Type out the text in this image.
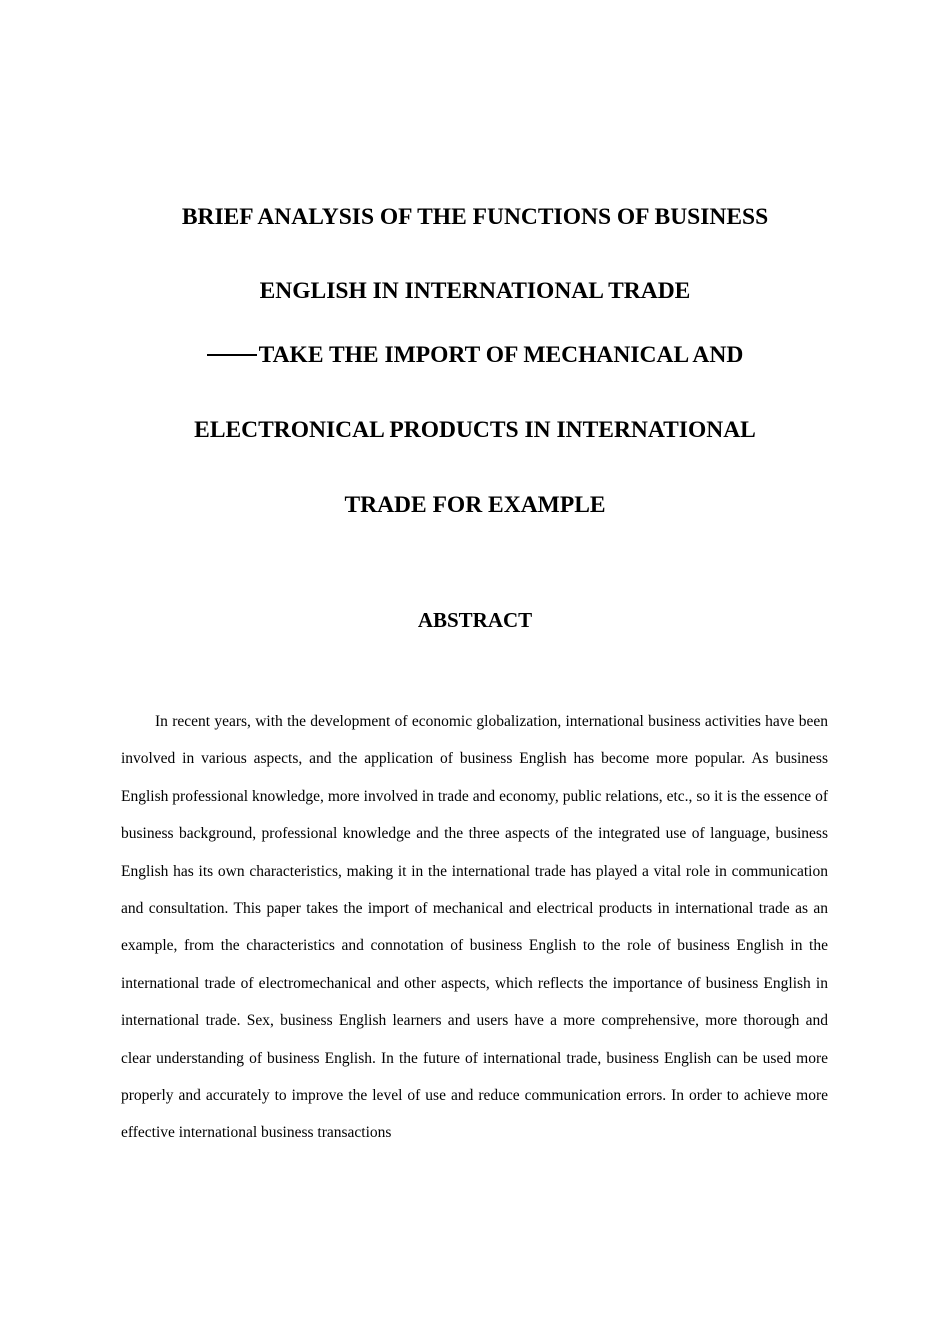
BRIEF ANALYSIS OF THE FUNCTIONS OF BUSINESS
ENGLISH IN INTERNATIONAL TRADE
TAKE THE IMPORT OF MECHANICAL AND
ELECTRONICAL PRODUCTS IN INTERNATIONAL
TRADE FOR EXAMPLE
ABSTRACT

In recent years, with the development of economic globalization, international business activities have been involved in various aspects, and the application of business English has become more popular. As business English professional knowledge, more involved in trade and economy, public relations, etc., so it is the essence of business background, professional knowledge and the three aspects of the integrated use of language, business English has its own characteristics, making it in the international trade has played a vital role in communication and consultation. This paper takes the import of mechanical and electrical products in international trade as an example, from the characteristics and connotation of business English to the role of business English in the international trade of electromechanical and other aspects, which reflects the importance of business English in international trade. Sex, business English learners and users have a more comprehensive, more thorough and clear understanding of business English. In the future of international trade, business English can be used more properly and accurately to improve the level of use and reduce communication errors. In order to achieve more effective international business transactions
